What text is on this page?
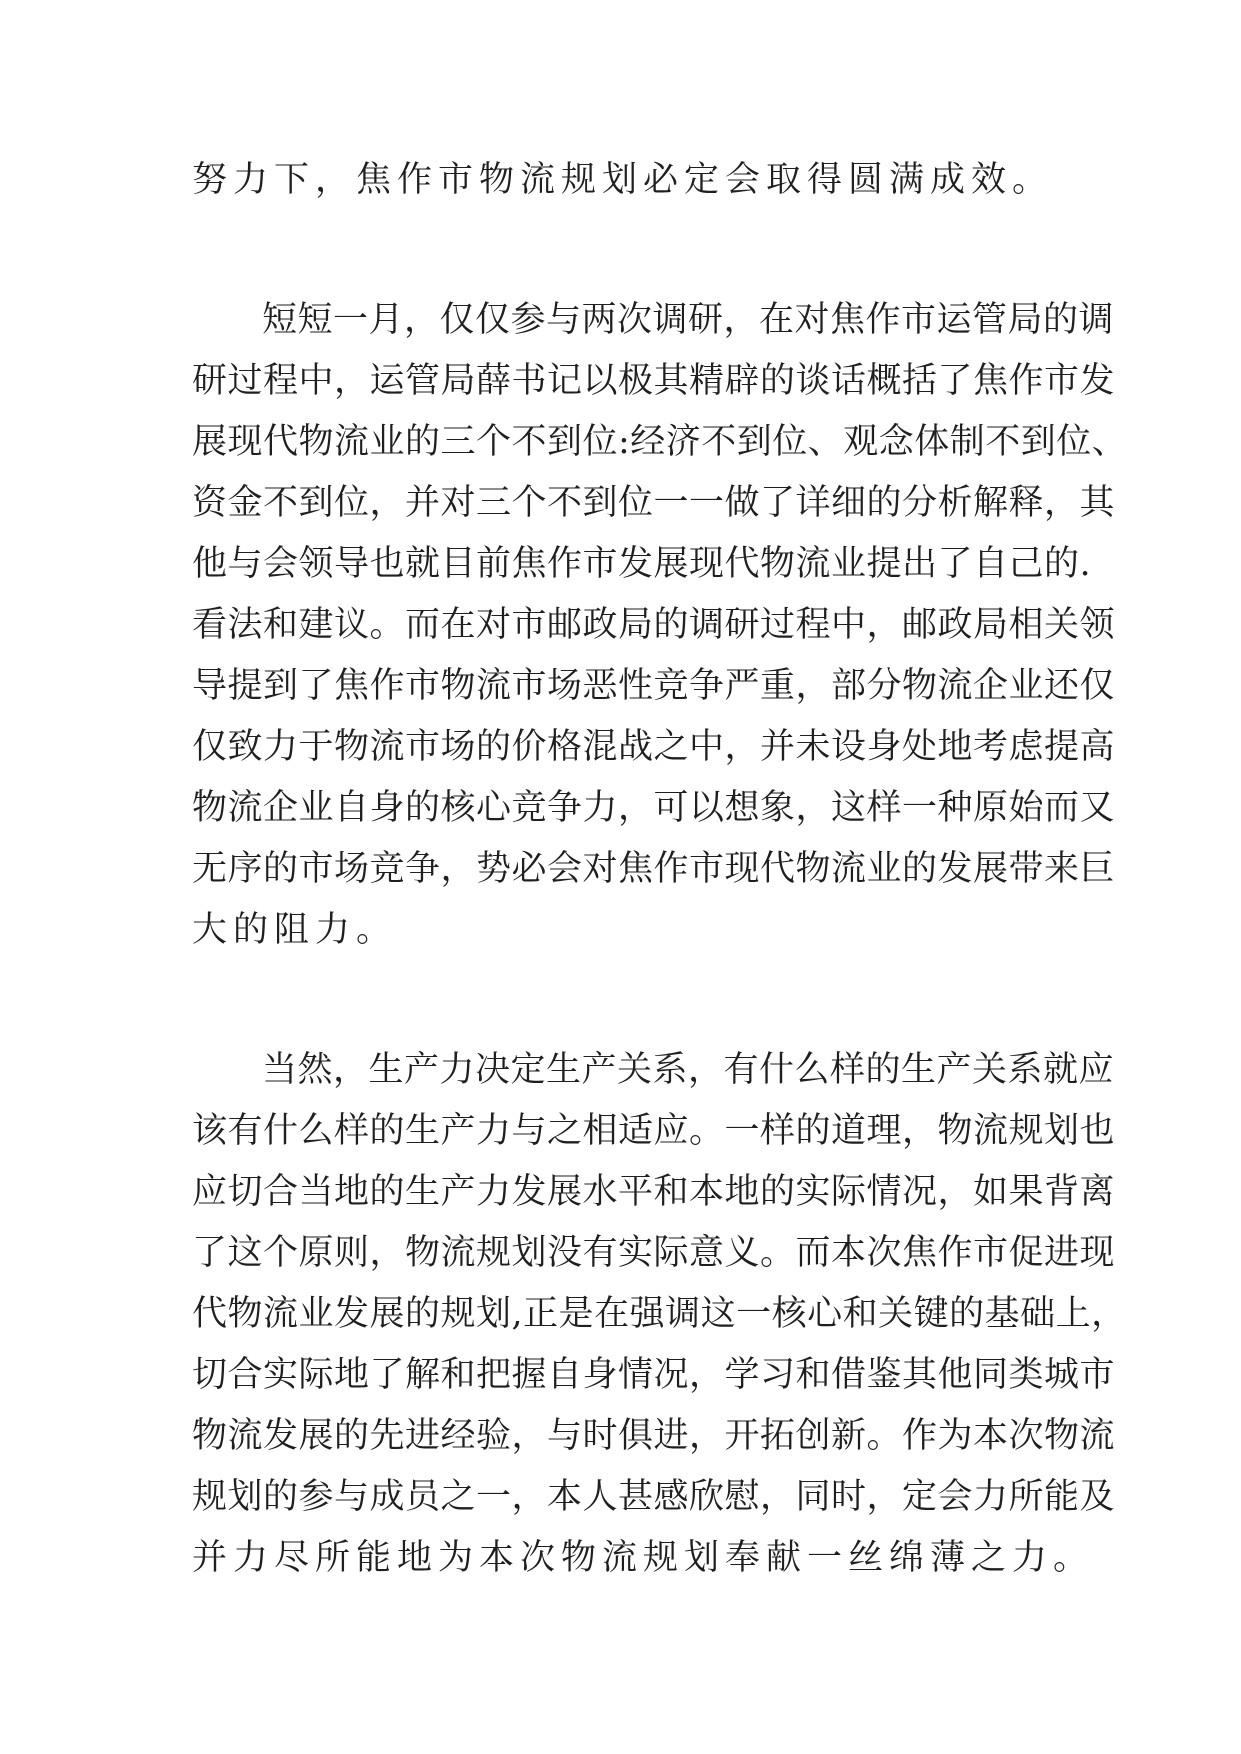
努力下，焦作市物流规划必定会取得圆满成效。
短短一月，仅仅参与两次调研，在对焦作市运管局的调
研过程中，运管局薛书记以极其精辟的谈话概括了焦作市发
展现代物流业的三个不到位:经济不到位、观念体制不到位、
资金不到位，并对三个不到位一一做了详细的分析解释，其
他与会领导也就目前焦作市发展现代物流业提出了自己的.
看法和建议。而在对市邮政局的调研过程中，邮政局相关领
导提到了焦作市物流市场恶性竞争严重，部分物流企业还仅
仅致力于物流市场的价格混战之中，并未设身处地考虑提高
物流企业自身的核心竞争力，可以想象，这样一种原始而又
无序的市场竞争，势必会对焦作市现代物流业的发展带来巨
大的阻力。
当然，生产力决定生产关系，有什么样的生产关系就应
该有什么样的生产力与之相适应。一样的道理，物流规划也
应切合当地的生产力发展水平和本地的实际情况，如果背离
了这个原则，物流规划没有实际意义。而本次焦作市促进现
代物流业发展的规划,正是在强调这一核心和关键的基础上，
切合实际地了解和把握自身情况，学习和借鉴其他同类城市
物流发展的先进经验，与时俱进，开拓创新。作为本次物流
规划的参与成员之一，本人甚感欣慰，同时，定会力所能及
并力尽所能地为本次物流规划奉献一丝绵薄之力。
